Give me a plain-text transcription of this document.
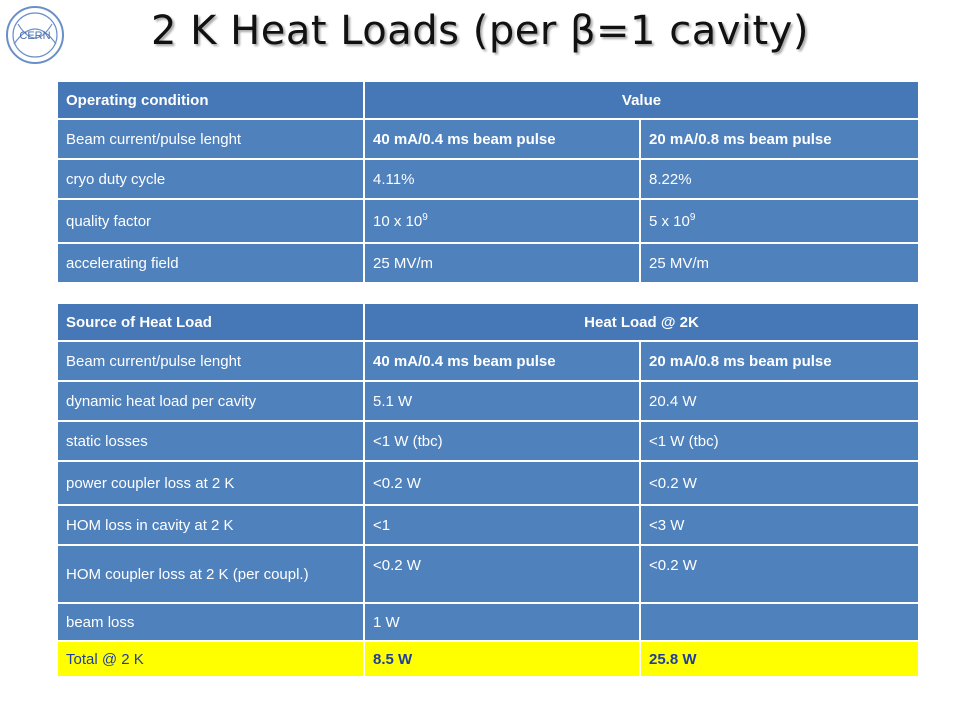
CERN	2 K Heat Loads (per β=1 cavity)
Operating condition	Value	
Beam current/pulse lenght	40 mA/0.4 ms beam pulse	20 mA/0.8 ms beam pulse
cryo duty cycle	4.11%	8.22%
quality factor	10 x $10^9$	5 x $10^9$
accelerating field	25 MV/m	25 MV/m
Source of Heat Load	Heat Load @ 2K	
Beam current/pulse lenght	40 mA/0.4 ms beam pulse	20 mA/0.8 ms beam pulse
dynamic heat load per cavity	5.1 W	20.4 W
static losses	<1 W (tbc)	<1 W (tbc)
power coupler loss at 2 K	<0.2 W	<0.2 W
HOM loss in cavity at 2 K	<1	<3 W
HOM coupler loss at 2 K (per coupl.)	<0.2 W	<0.2 W
beam loss	1 W	
Total @ 2 K	8.5 W	25.8 W
